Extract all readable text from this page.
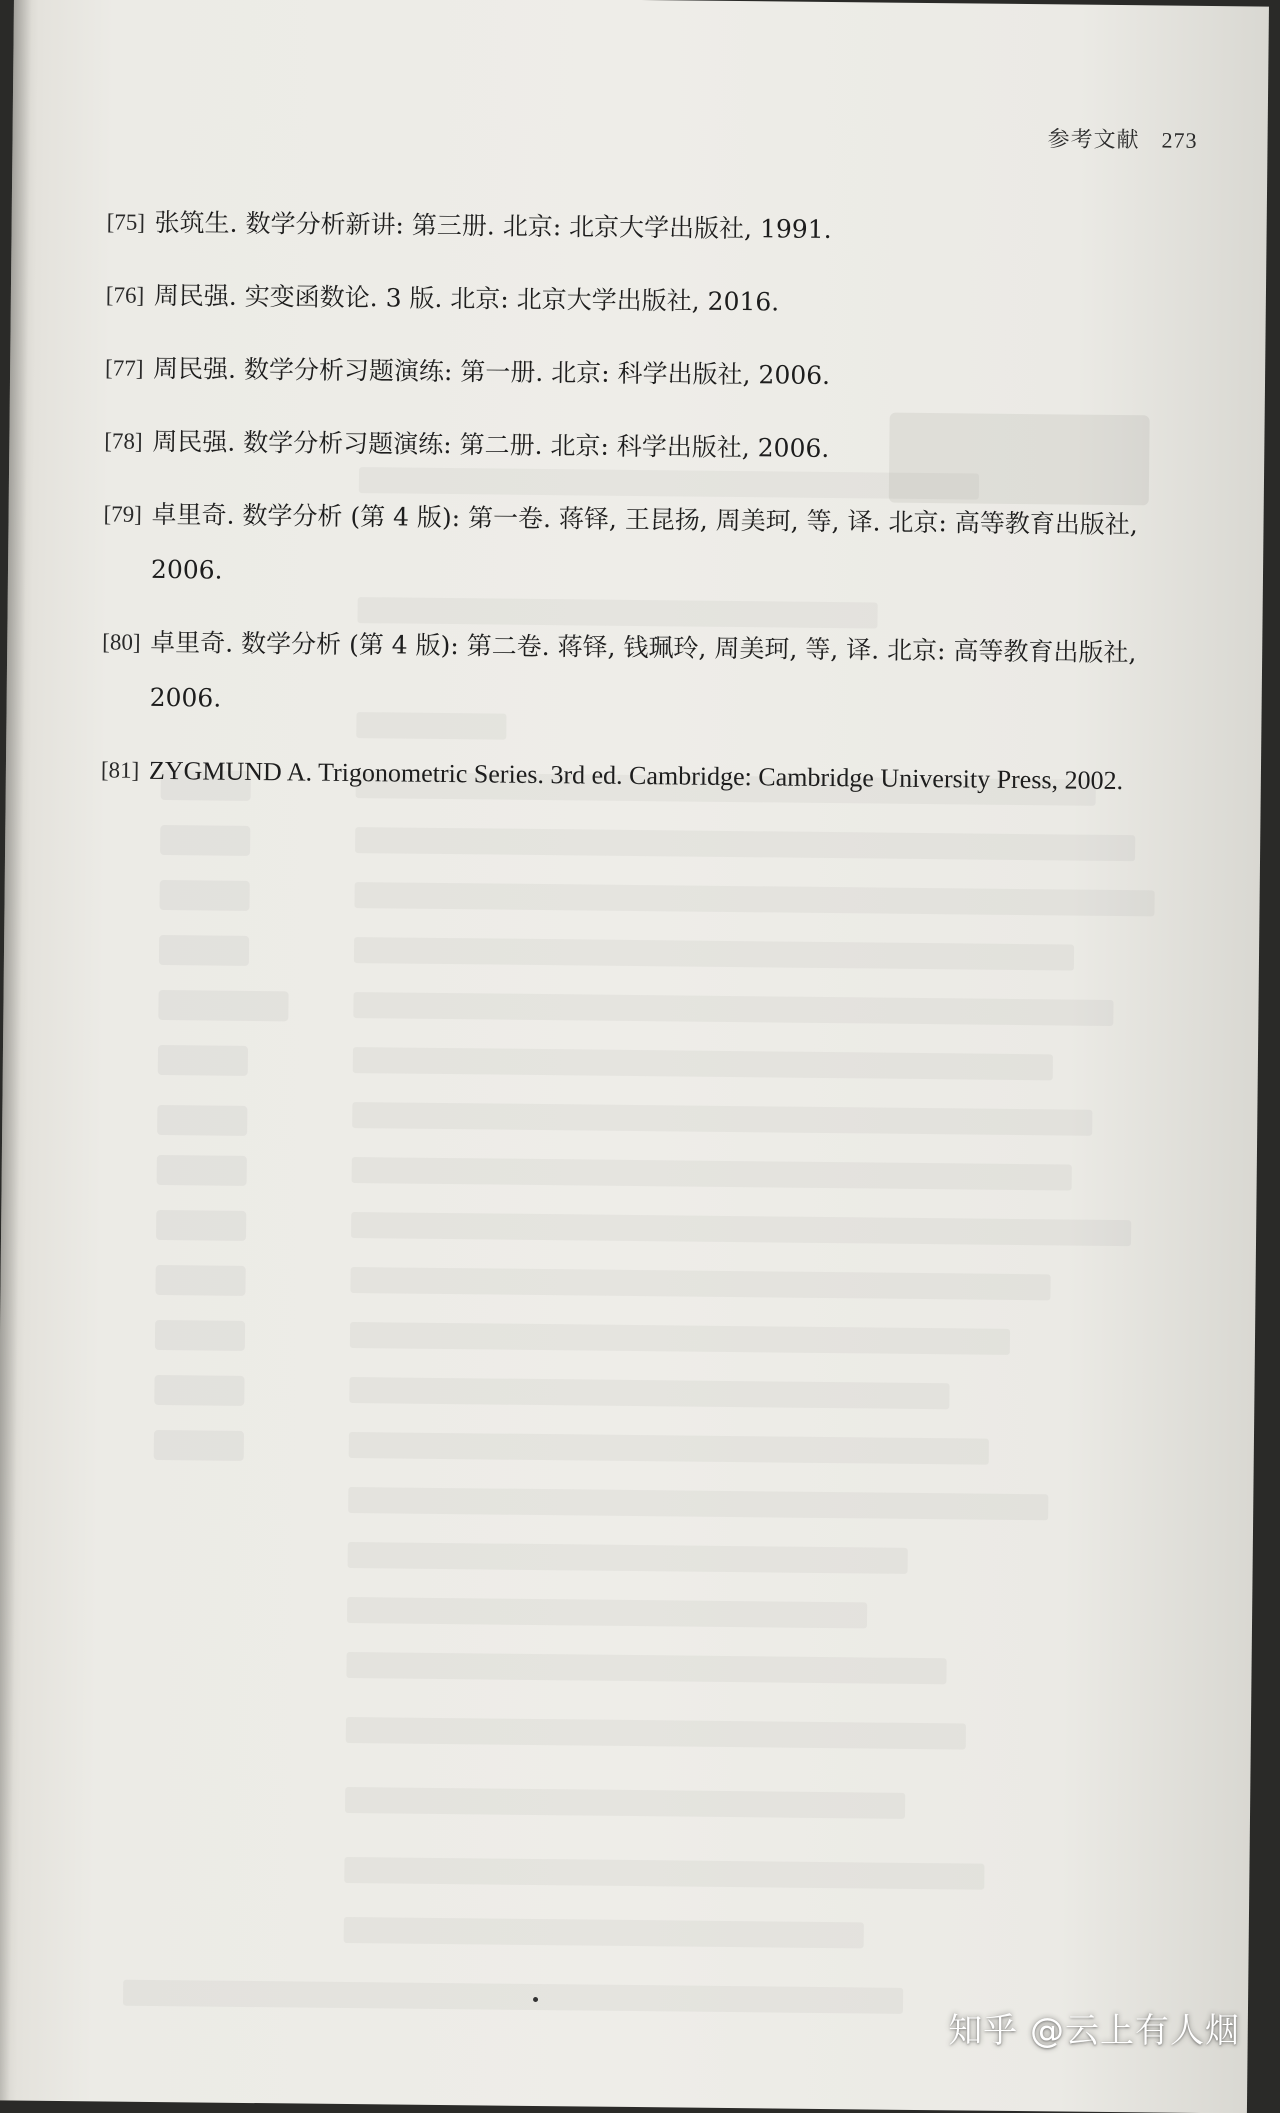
参考文献 273
[75] 张筑生. 数学分析新讲: 第三册. 北京: 北京大学出版社, 1991.
[76] 周民强. 实变函数论. 3 版. 北京: 北京大学出版社, 2016.
[77] 周民强. 数学分析习题演练: 第一册. 北京: 科学出版社, 2006.
[78] 周民强. 数学分析习题演练: 第二册. 北京: 科学出版社, 2006.
[79] 卓里奇. 数学分析 (第 4 版): 第一卷. 蒋铎, 王昆扬, 周美珂, 等, 译. 北京: 高等教育出版社, 2006.
[80] 卓里奇. 数学分析 (第 4 版): 第二卷. 蒋铎, 钱珮玲, 周美珂, 等, 译. 北京: 高等教育出版社, 2006.
[81] ZYGMUND A. Trigonometric Series. 3rd ed. Cambridge: Cambridge University Press, 2002.
知乎 @云上有人烟
